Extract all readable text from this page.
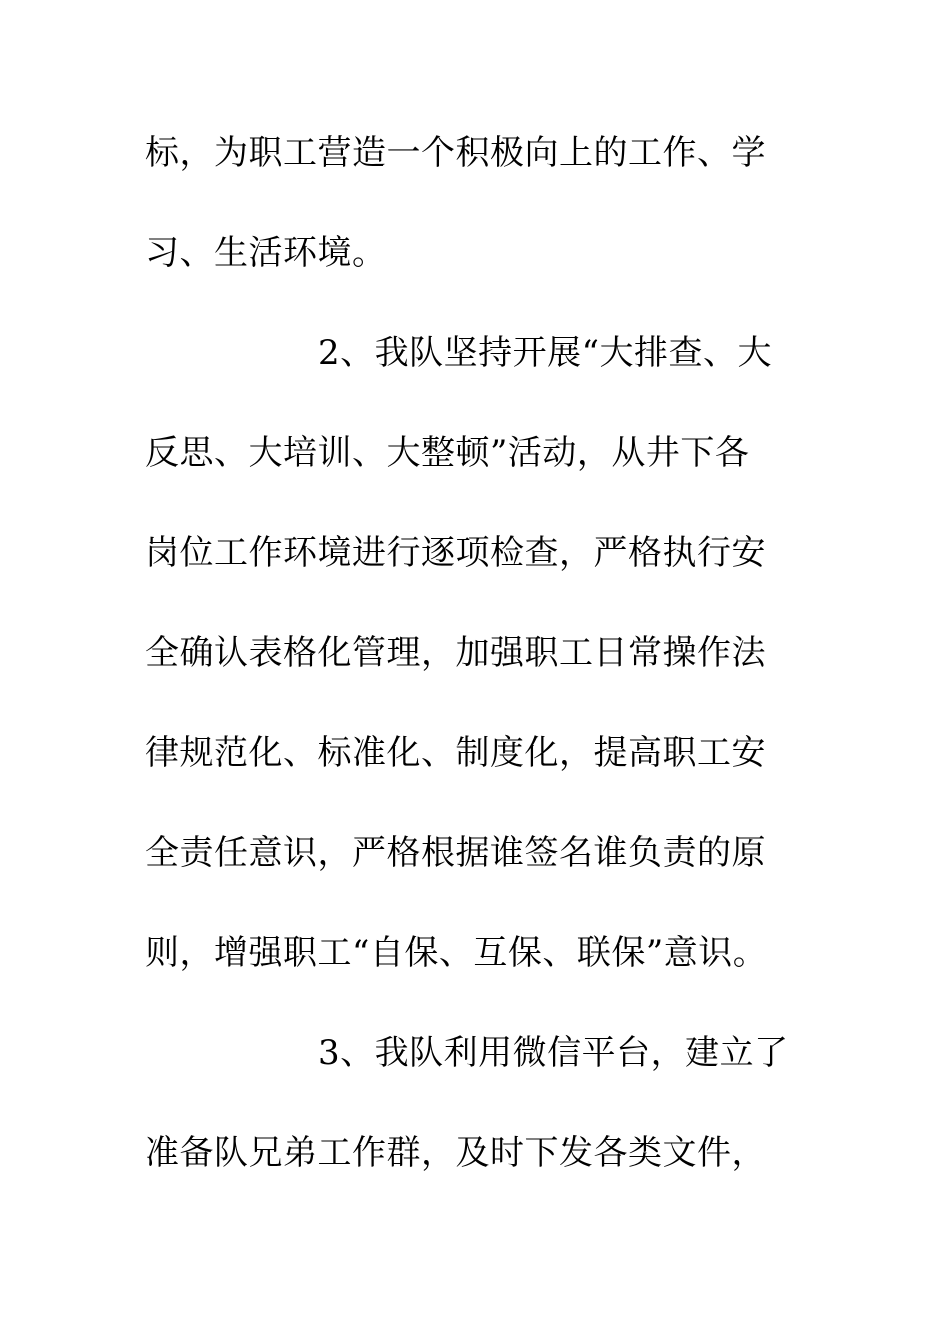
标，为职工营造一个积极向上的工作、学
习、生活环境。
2、我队坚持开展“大排查、大
反思、大培训、大整顿”活动，从井下各
岗位工作环境进行逐项检查，严格执行安
全确认表格化管理，加强职工日常操作法
律规范化、标准化、制度化，提高职工安
全责任意识，严格根据谁签名谁负责的原
则，增强职工“自保、互保、联保”意识。
3、我队利用微信平台，建立了
准备队兄弟工作群，及时下发各类文件，
